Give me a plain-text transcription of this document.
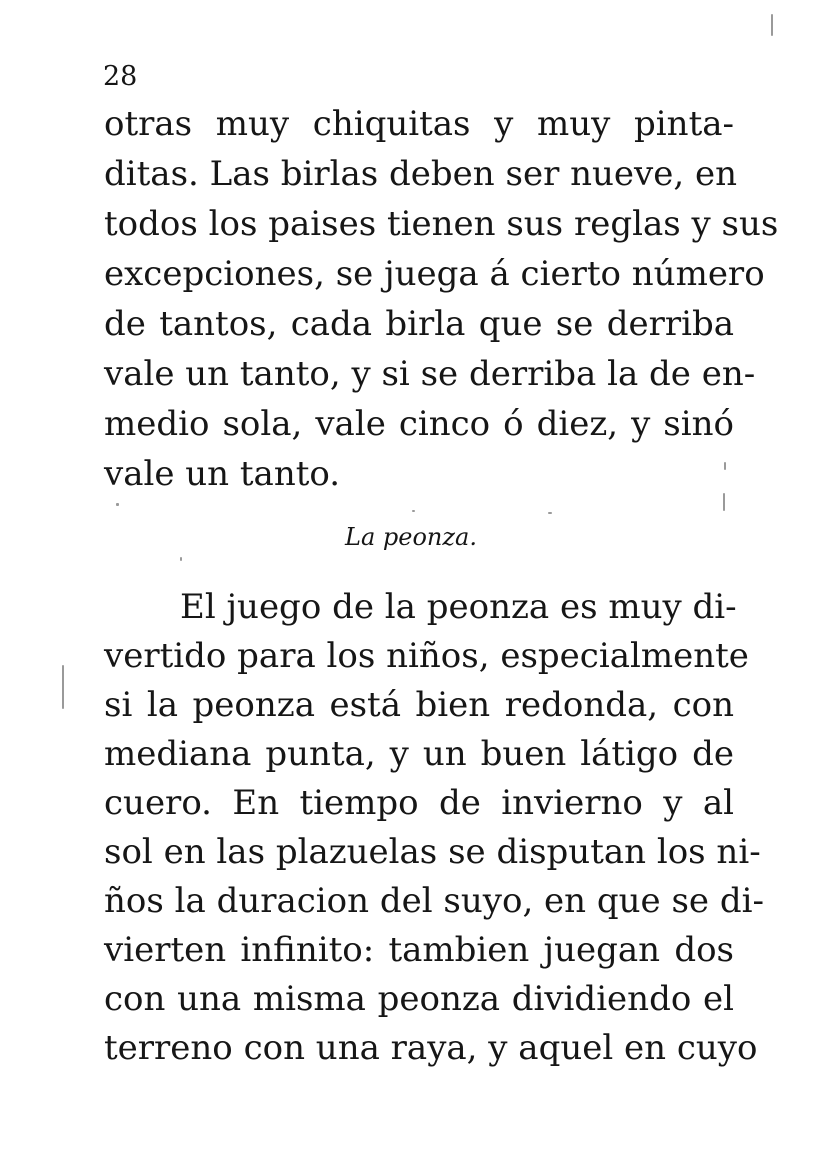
28
otras muy chiquitas y muy pinta-
ditas. Las birlas deben ser nueve, en
todos los paises tienen sus reglas y sus
excepciones, se juega á cierto número
de tantos, cada birla que se derriba
vale un tanto, y si se derriba la de en-
medio sola, vale cinco ó diez, y sinó
vale un tanto.
La peonza.
El juego de la peonza es muy di-
vertido para los niños, especialmente
si la peonza está bien redonda, con
mediana punta, y un buen látigo de
cuero. En tiempo de invierno y al
sol en las plazuelas se disputan los ni-
ños la duracion del suyo, en que se di-
vierten infinito: tambien juegan dos
con una misma peonza dividiendo el
terreno con una raya, y aquel en cuyo
